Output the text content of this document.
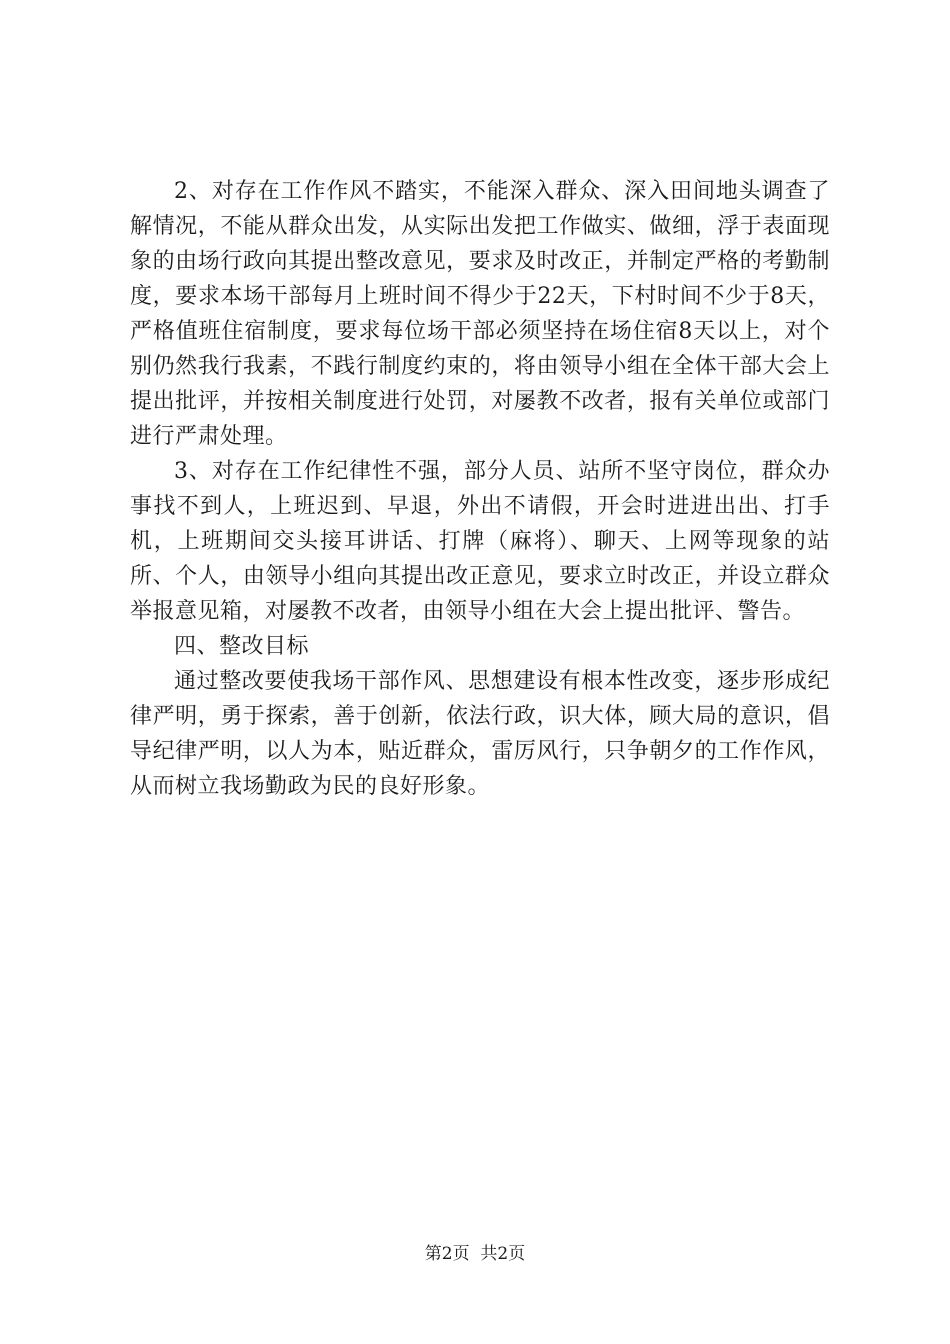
2、对存在工作作风不踏实，不能深入群众、深入田间地头调查了解情况，不能从群众出发，从实际出发把工作做实、做细，浮于表面现象的由场行政向其提出整改意见，要求及时改正，并制定严格的考勤制度，要求本场干部每月上班时间不得少于22天，下村时间不少于8天，严格值班住宿制度，要求每位场干部必须坚持在场住宿8天以上，对个别仍然我行我素，不践行制度约束的，将由领导小组在全体干部大会上提出批评，并按相关制度进行处罚，对屡教不改者，报有关单位或部门进行严肃处理。

3、对存在工作纪律性不强，部分人员、站所不坚守岗位，群众办事找不到人，上班迟到、早退，外出不请假，开会时进进出出、打手机，上班期间交头接耳讲话、打牌（麻将）、聊天、上网等现象的站所、个人，由领导小组向其提出改正意见，要求立时改正，并设立群众举报意见箱，对屡教不改者，由领导小组在大会上提出批评、警告。

四、整改目标

通过整改要使我场干部作风、思想建设有根本性改变，逐步形成纪律严明，勇于探索，善于创新，依法行政，识大体，顾大局的意识，倡导纪律严明，以人为本，贴近群众，雷厉风行，只争朝夕的工作作风，从而树立我场勤政为民的良好形象。

第2页  共2页
